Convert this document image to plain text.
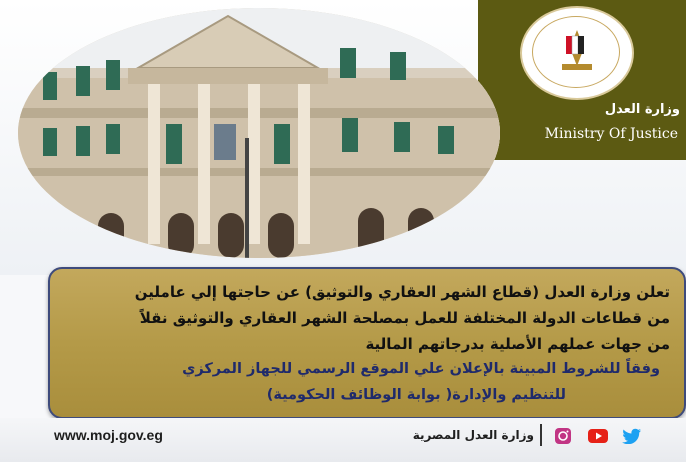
وزارة العدل
Ministry Of Justice
تعلن وزارة العدل (قطاع الشهر العقاري والتوثيق) عن حاجتها إلي عاملين
من قطاعات الدولة المختلفة للعمل بمصلحة الشهر العقاري والتوثيق نقلاً
من جهات عملهم الأصلية بدرجاتهم المالية
وفقاً للشروط المبينة بالإعلان علي الموقع الرسمي للجهاز المركزي
للتنظيم والإدارة( بوابة الوظائف الحكومية)
www.moj.gov.eg	وزارة العدل المصرية
